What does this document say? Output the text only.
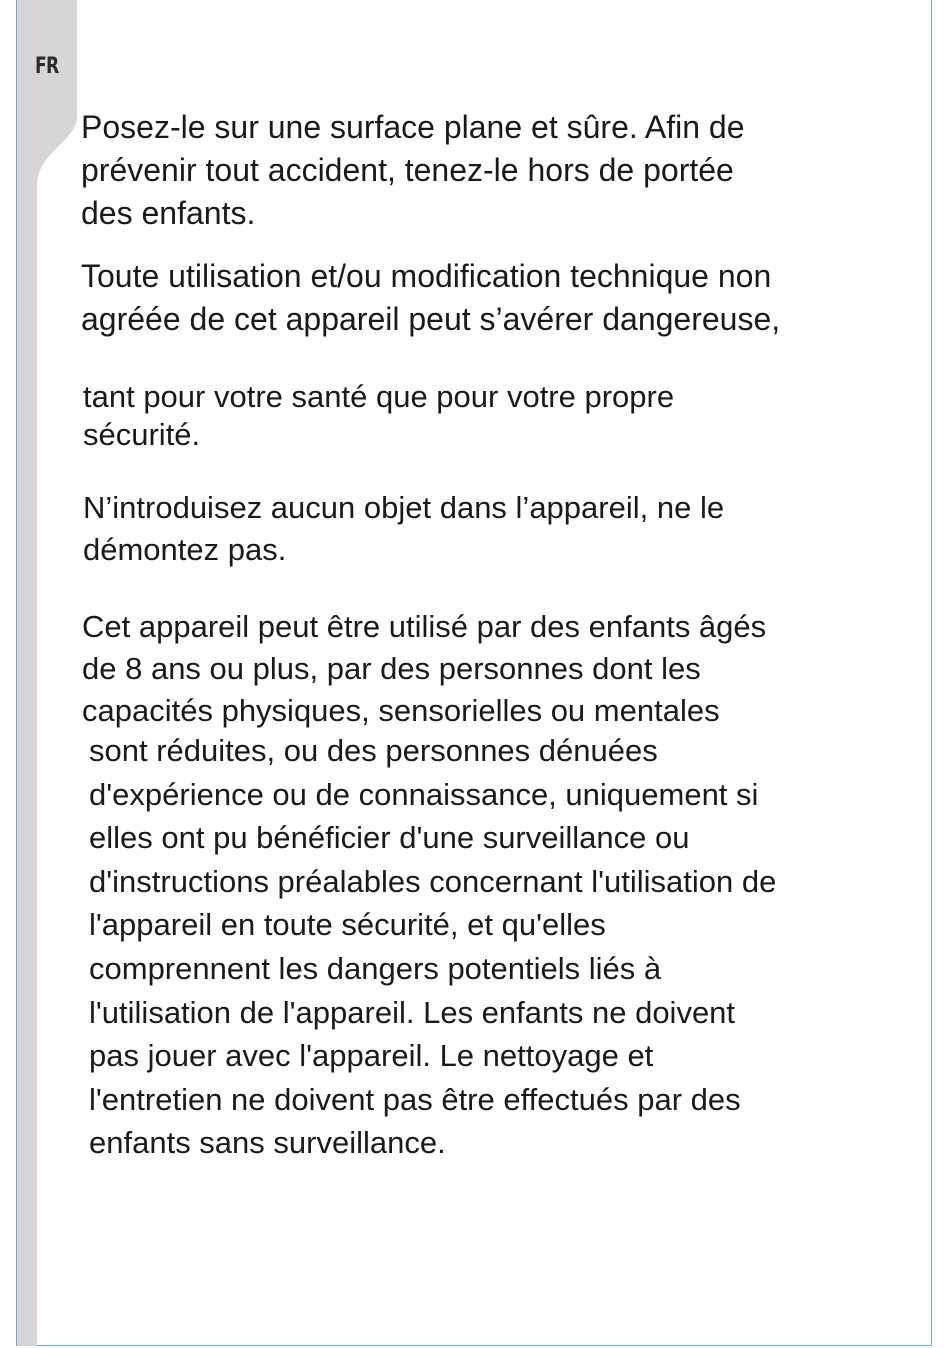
FR

Posez-le sur une surface plane et sûre. Afin de
prévenir tout accident, tenez-le hors de portée
des enfants.

Toute utilisation et/ou modification technique non
agréée de cet appareil peut s’avérer dangereuse,

tant pour votre santé que pour votre propre
sécurité.

N’introduisez aucun objet dans l’appareil, ne le
démontez pas.

Cet appareil peut être utilisé par des enfants âgés
de 8 ans ou plus, par des personnes dont les
capacités physiques, sensorielles ou mentales

sont réduites, ou des personnes dénuées
d'expérience ou de connaissance, uniquement si
elles ont pu bénéficier d'une surveillance ou
d'instructions préalables concernant l'utilisation de
l'appareil en toute sécurité, et qu'elles
comprennent les dangers potentiels liés à
l'utilisation de l'appareil. Les enfants ne doivent
pas jouer avec l'appareil. Le nettoyage et
l'entretien ne doivent pas être effectués par des
enfants sans surveillance.
